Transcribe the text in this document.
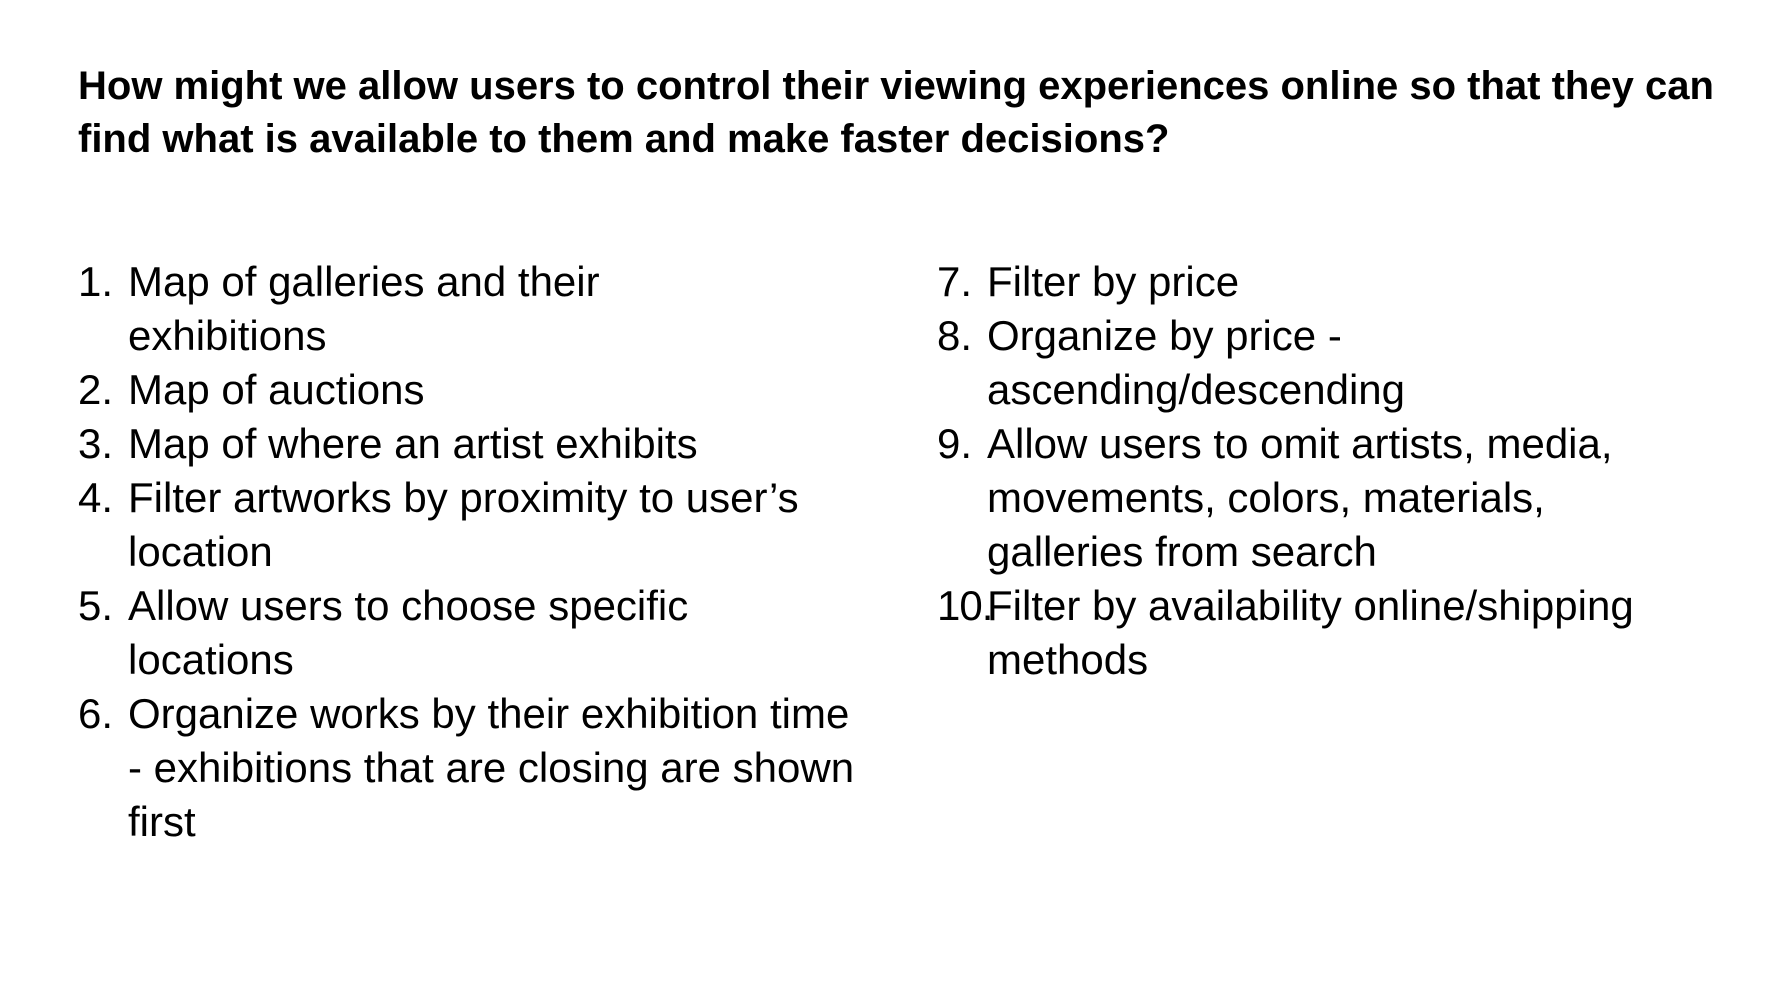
How might we allow users to control their viewing experiences online so that they can find what is available to them and make faster decisions?
1. Map of galleries and their exhibitions
2. Map of auctions
3. Map of where an artist exhibits
4. Filter artworks by proximity to user’s location
5. Allow users to choose specific locations
6. Organize works by their exhibition time - exhibitions that are closing are shown first
7. Filter by price
8. Organize by price - ascending/descending
9. Allow users to omit artists, media, movements, colors, materials, galleries from search
10.
Filter by availability online/shipping methods
